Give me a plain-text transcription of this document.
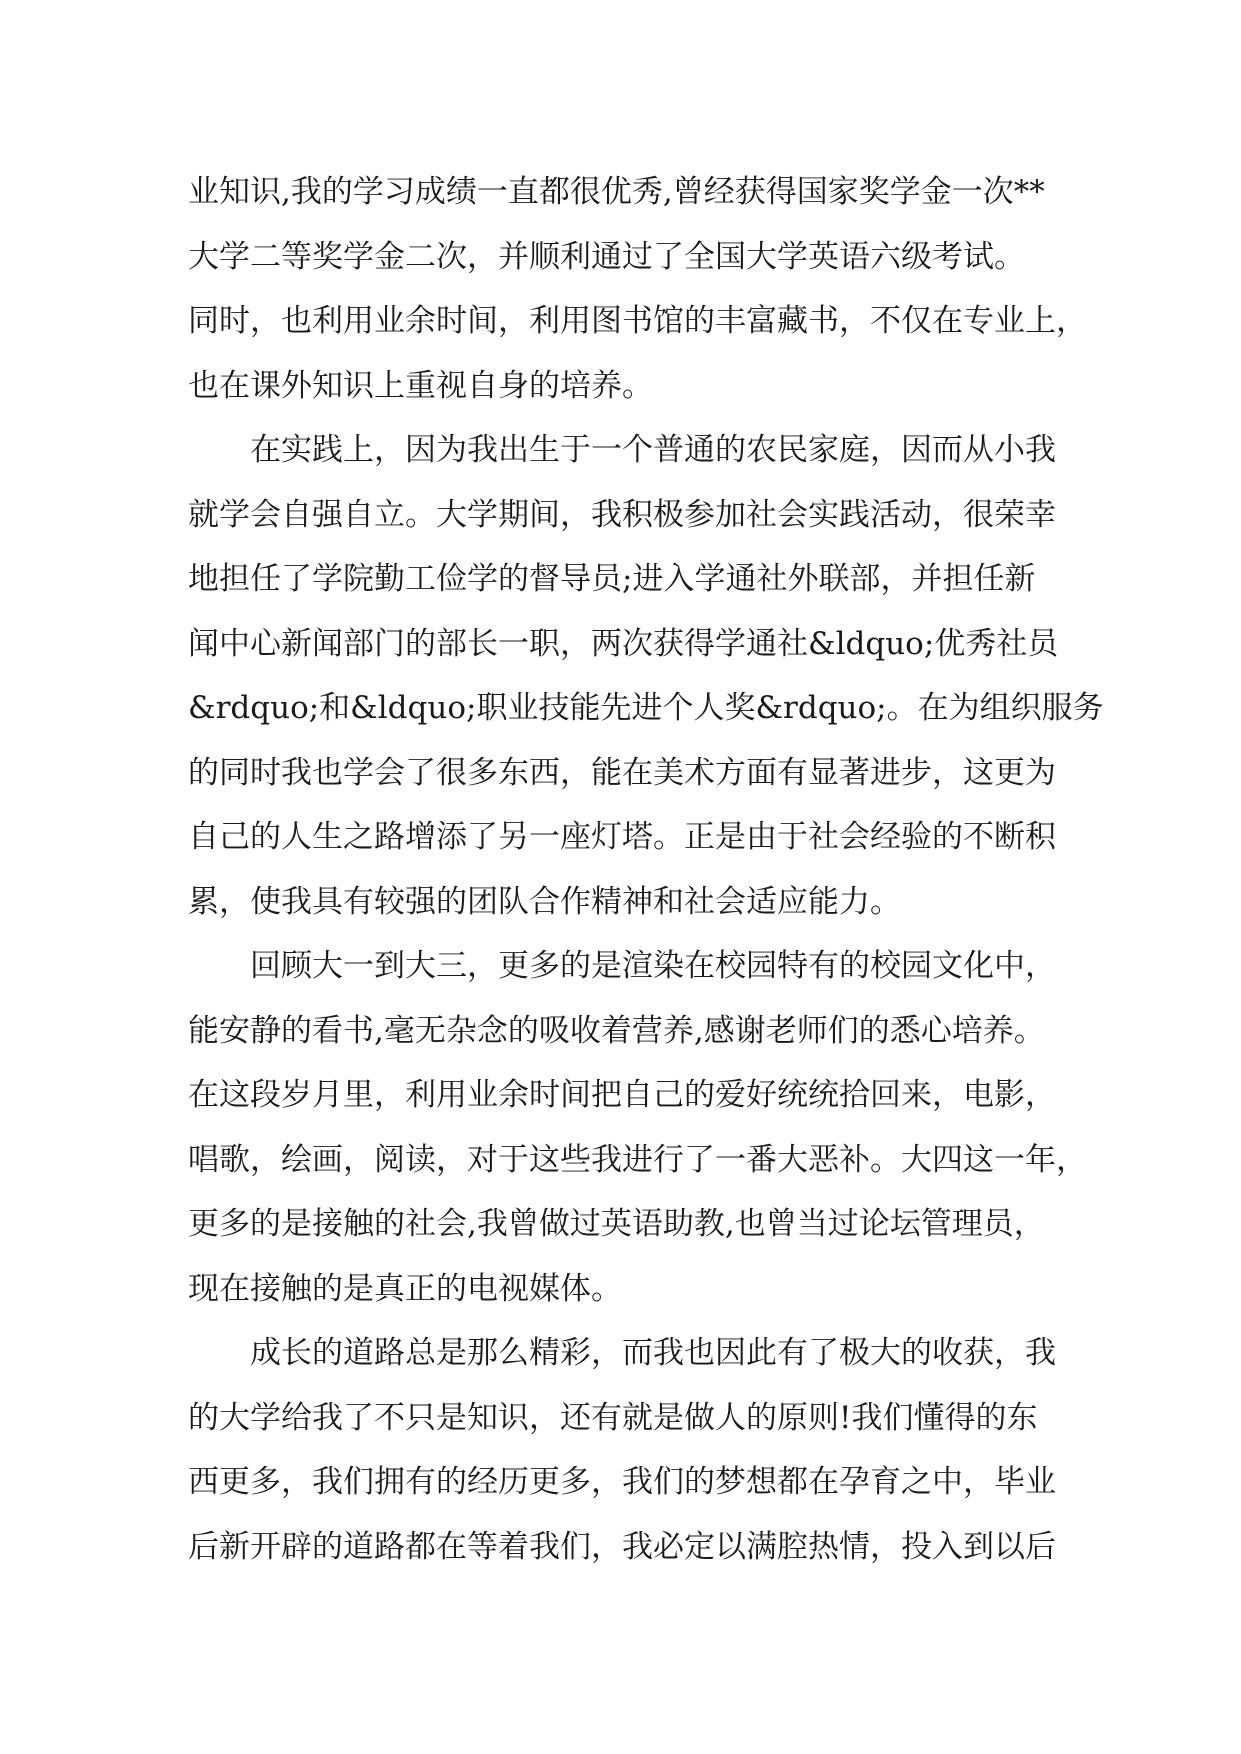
业知识,我的学习成绩一直都很优秀,曾经获得国家奖学金一次**
大学二等奖学金二次，并顺利通过了全国大学英语六级考试。
同时，也利用业余时间，利用图书馆的丰富藏书，不仅在专业上，
也在课外知识上重视自身的培养。
在实践上，因为我出生于一个普通的农民家庭，因而从小我
就学会自强自立。大学期间，我积极参加社会实践活动，很荣幸
地担任了学院勤工俭学的督导员;进入学通社外联部，并担任新
闻中心新闻部门的部长一职，两次获得学通社&ldquo;优秀社员
&rdquo;和&ldquo;职业技能先进个人奖&rdquo;。在为组织服务
的同时我也学会了很多东西，能在美术方面有显著进步，这更为
自己的人生之路增添了另一座灯塔。正是由于社会经验的不断积
累，使我具有较强的团队合作精神和社会适应能力。
回顾大一到大三，更多的是渲染在校园特有的校园文化中，
能安静的看书,毫无杂念的吸收着营养,感谢老师们的悉心培养。
在这段岁月里，利用业余时间把自己的爱好统统拾回来，电影，
唱歌，绘画，阅读，对于这些我进行了一番大恶补。大四这一年，
更多的是接触的社会,我曾做过英语助教,也曾当过论坛管理员，
现在接触的是真正的电视媒体。
成长的道路总是那么精彩，而我也因此有了极大的收获，我
的大学给我了不只是知识，还有就是做人的原则!我们懂得的东
西更多，我们拥有的经历更多，我们的梦想都在孕育之中，毕业
后新开辟的道路都在等着我们，我必定以满腔热情，投入到以后
